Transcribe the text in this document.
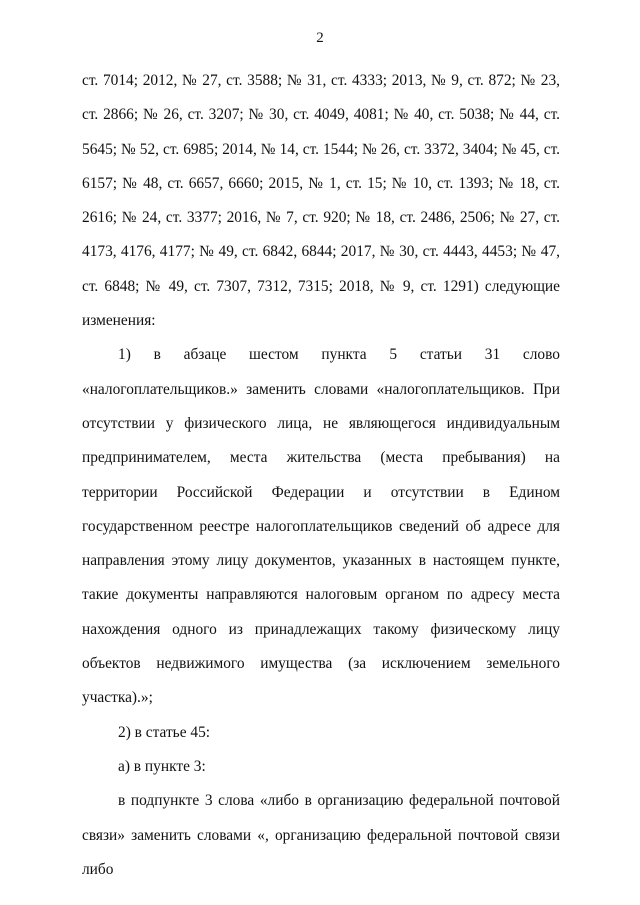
2

ст. 7014; 2012, № 27, ст. 3588; № 31, ст. 4333; 2013, № 9, ст. 872; № 23, ст. 2866; № 26, ст. 3207; № 30, ст. 4049, 4081; № 40, ст. 5038; № 44, ст. 5645; № 52, ст. 6985; 2014, № 14, ст. 1544; № 26, ст. 3372, 3404; № 45, ст. 6157; № 48, ст. 6657, 6660; 2015, № 1, ст. 15; № 10, ст. 1393; № 18, ст. 2616; № 24, ст. 3377; 2016, № 7, ст. 920; № 18, ст. 2486, 2506; № 27, ст. 4173, 4176, 4177; № 49, ст. 6842, 6844; 2017, № 30, ст. 4443, 4453; № 47, ст. 6848; № 49, ст. 7307, 7312, 7315; 2018, № 9, ст. 1291) следующие изменения:

1) в абзаце шестом пункта 5 статьи 31 слово «налогоплательщиков.» заменить словами «налогоплательщиков. При отсутствии у физического лица, не являющегося индивидуальным предпринимателем, места жительства (места пребывания) на территории Российской Федерации и отсутствии в Едином государственном реестре налогоплательщиков сведений об адресе для направления этому лицу документов, указанных в настоящем пункте, такие документы направляются налоговым органом по адресу места нахождения одного из принадлежащих такому физическому лицу объектов недвижимого имущества (за исключением земельного участка).»;

2) в статье 45:

а) в пункте 3:

в подпункте 3 слова «либо в организацию федеральной почтовой связи» заменить словами «, организацию федеральной почтовой связи либо
